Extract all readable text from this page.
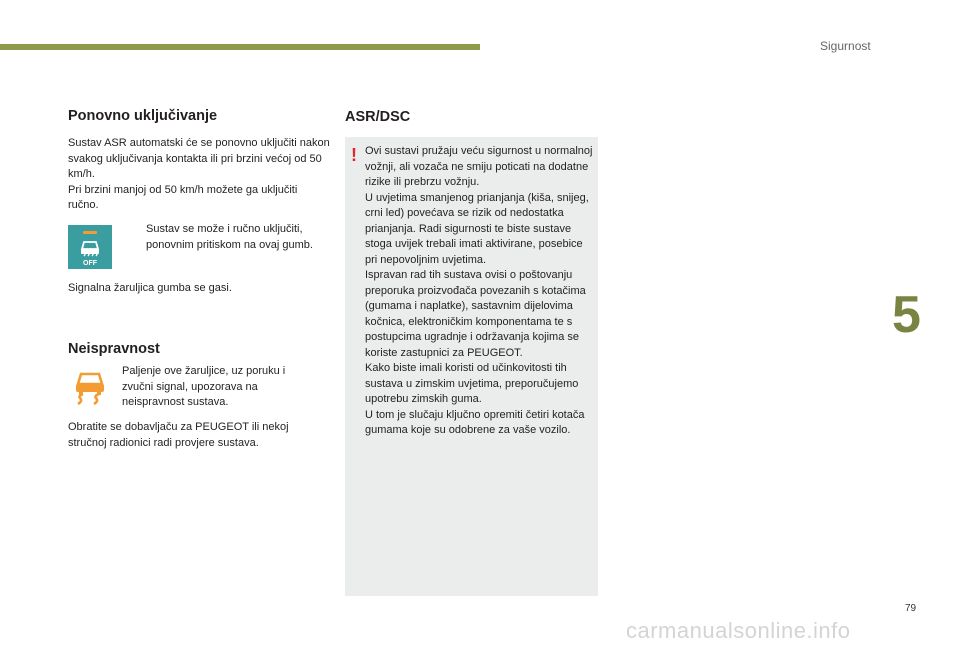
Sigurnost
5
Ponovno uključivanje
Sustav ASR automatski će se ponovno uključiti nakon svakog uključivanja kontakta ili pri brzini većoj od 50 km/h.
Pri brzini manjoj od 50 km/h možete ga uključiti ručno.
OFF
Sustav se može i ručno uključiti, ponovnim pritiskom na ovaj gumb.
Signalna žaruljica gumba se gasi.
Neispravnost
Paljenje ove žaruljice, uz poruku i zvučni signal, upozorava na neispravnost sustava.
Obratite se dobavljaču za PEUGEOT ili nekoj stručnoj radionici radi provjere sustava.
ASR/DSC
! Ovi sustavi pružaju veću sigurnost u normalnoj vožnji, ali vozača ne smiju poticati na dodatne rizike ili prebrzu vožnju.
U uvjetima smanjenog prianjanja (kiša, snijeg, crni led) povećava se rizik od nedostatka prianjanja. Radi sigurnosti te biste sustave stoga uvijek trebali imati aktivirane, posebice pri nepovoljnim uvjetima.
Ispravan rad tih sustava ovisi o poštovanju preporuka proizvođača povezanih s kotačima (gumama i naplatke), sastavnim dijelovima kočnica, elektroničkim komponentama te s postupcima ugradnje i održavanja kojima se koriste zastupnici za PEUGEOT.
Kako biste imali koristi od učinkovitosti tih sustava u zimskim uvjetima, preporučujemo upotrebu zimskih guma.
U tom je slučaju ključno opremiti četiri kotača gumama koje su odobrene za vaše vozilo.
79
carmanualsonline.info
